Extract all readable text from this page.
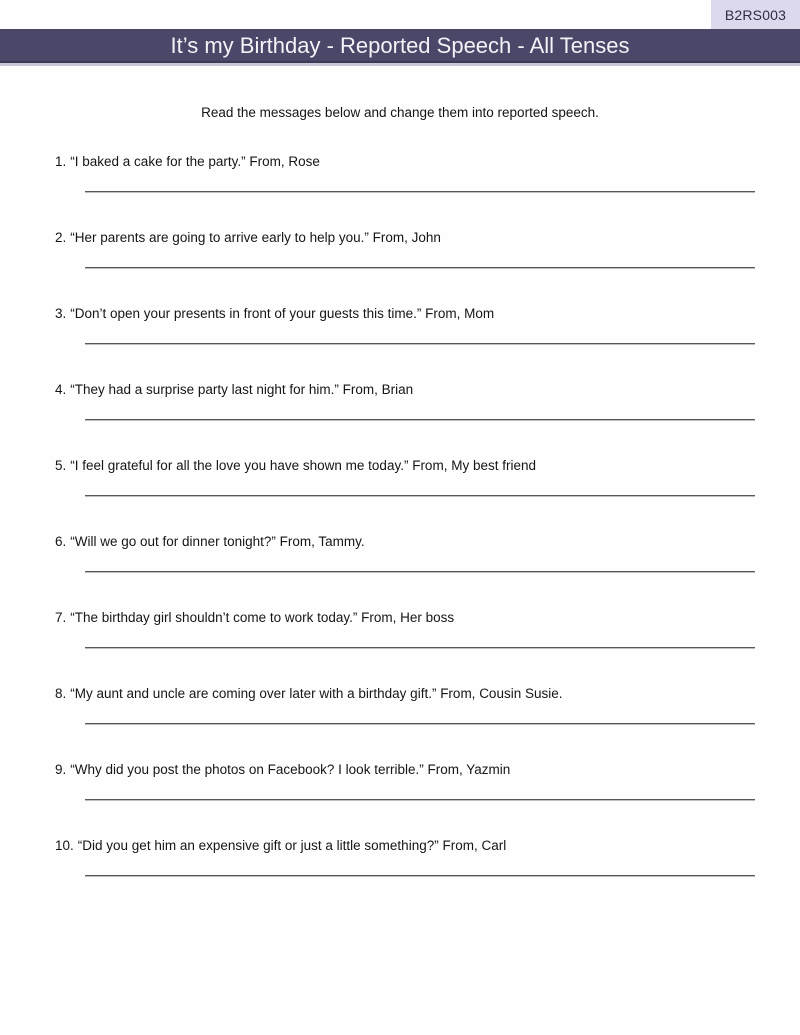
B2RS003
It’s my Birthday - Reported Speech - All Tenses
Read the messages below and change them into reported speech.

1. “I baked a cake for the party.” From, Rose

2. “Her parents are going to arrive early to help you.” From, John

3. “Don’t open your presents in front of your guests this time.” From, Mom

4. “They had a surprise party last night for him.” From, Brian

5. “I feel grateful for all the love you have shown me today.” From, My best friend

6. “Will we go out for dinner tonight?” From, Tammy.

7. “The birthday girl shouldn’t come to work today.” From, Her boss

8. “My aunt and uncle are coming over later with a birthday gift.” From, Cousin Susie.

9. “Why did you post the photos on Facebook? I look terrible.” From, Yazmin

10. “Did you get him an expensive gift or just a little something?” From, Carl
